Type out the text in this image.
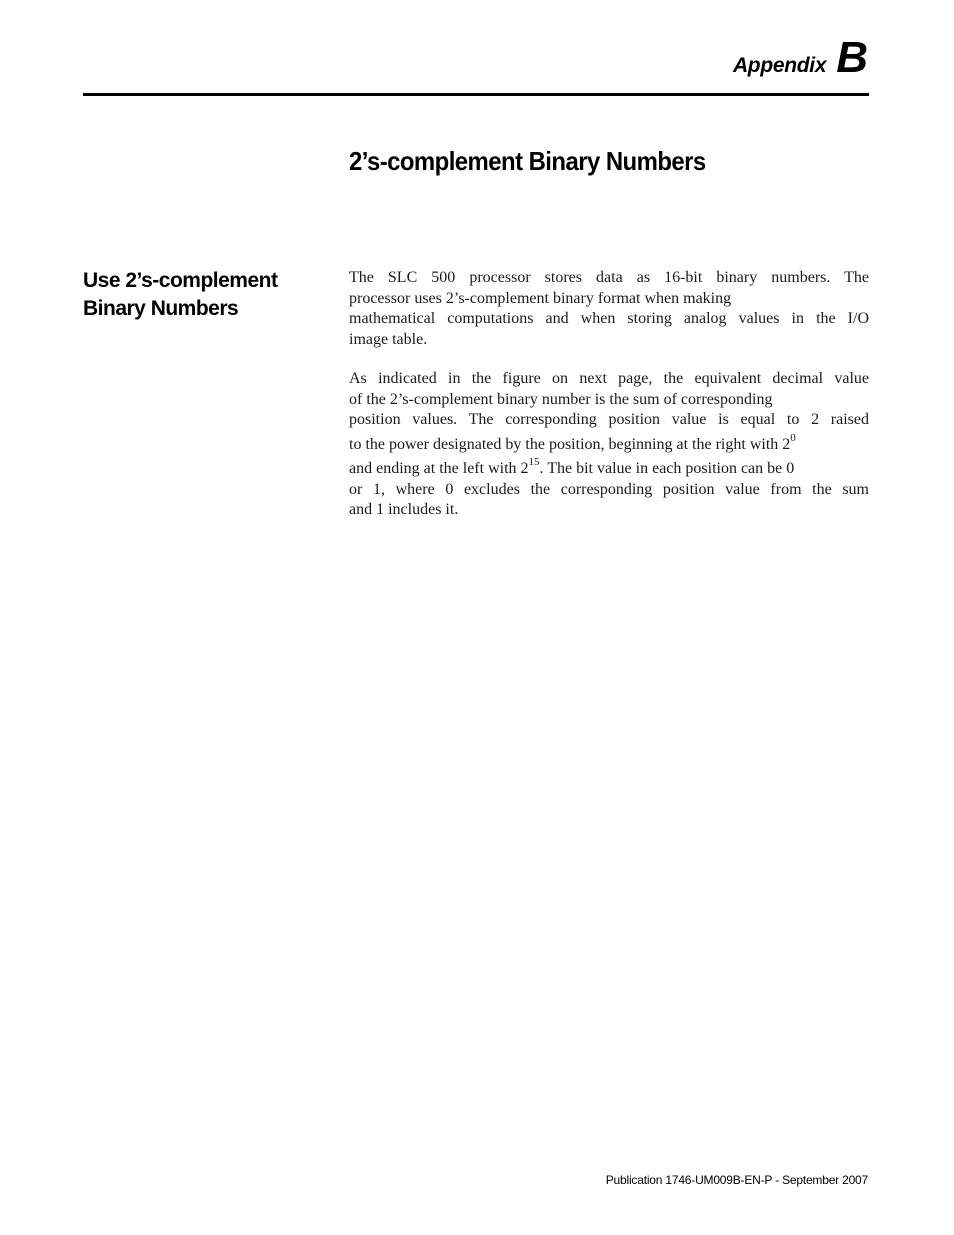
Appendix B
2’s-complement Binary Numbers
Use 2’s-complement Binary Numbers

The SLC 500 processor stores data as 16-bit binary numbers. The
processor uses 2’s-complement binary format when making
mathematical computations and when storing analog values in the I/O
image table.

As indicated in the figure on next page, the equivalent decimal value
of the 2’s-complement binary number is the sum of corresponding
position values. The corresponding position value is equal to 2 raised
to the power designated by the position, beginning at the right with $2^0$
and ending at the left with $2^{15}$. The bit value in each position can be 0
or 1, where 0 excludes the corresponding position value from the sum
and 1 includes it.

Publication 1746-UM009B-EN-P - September 2007
